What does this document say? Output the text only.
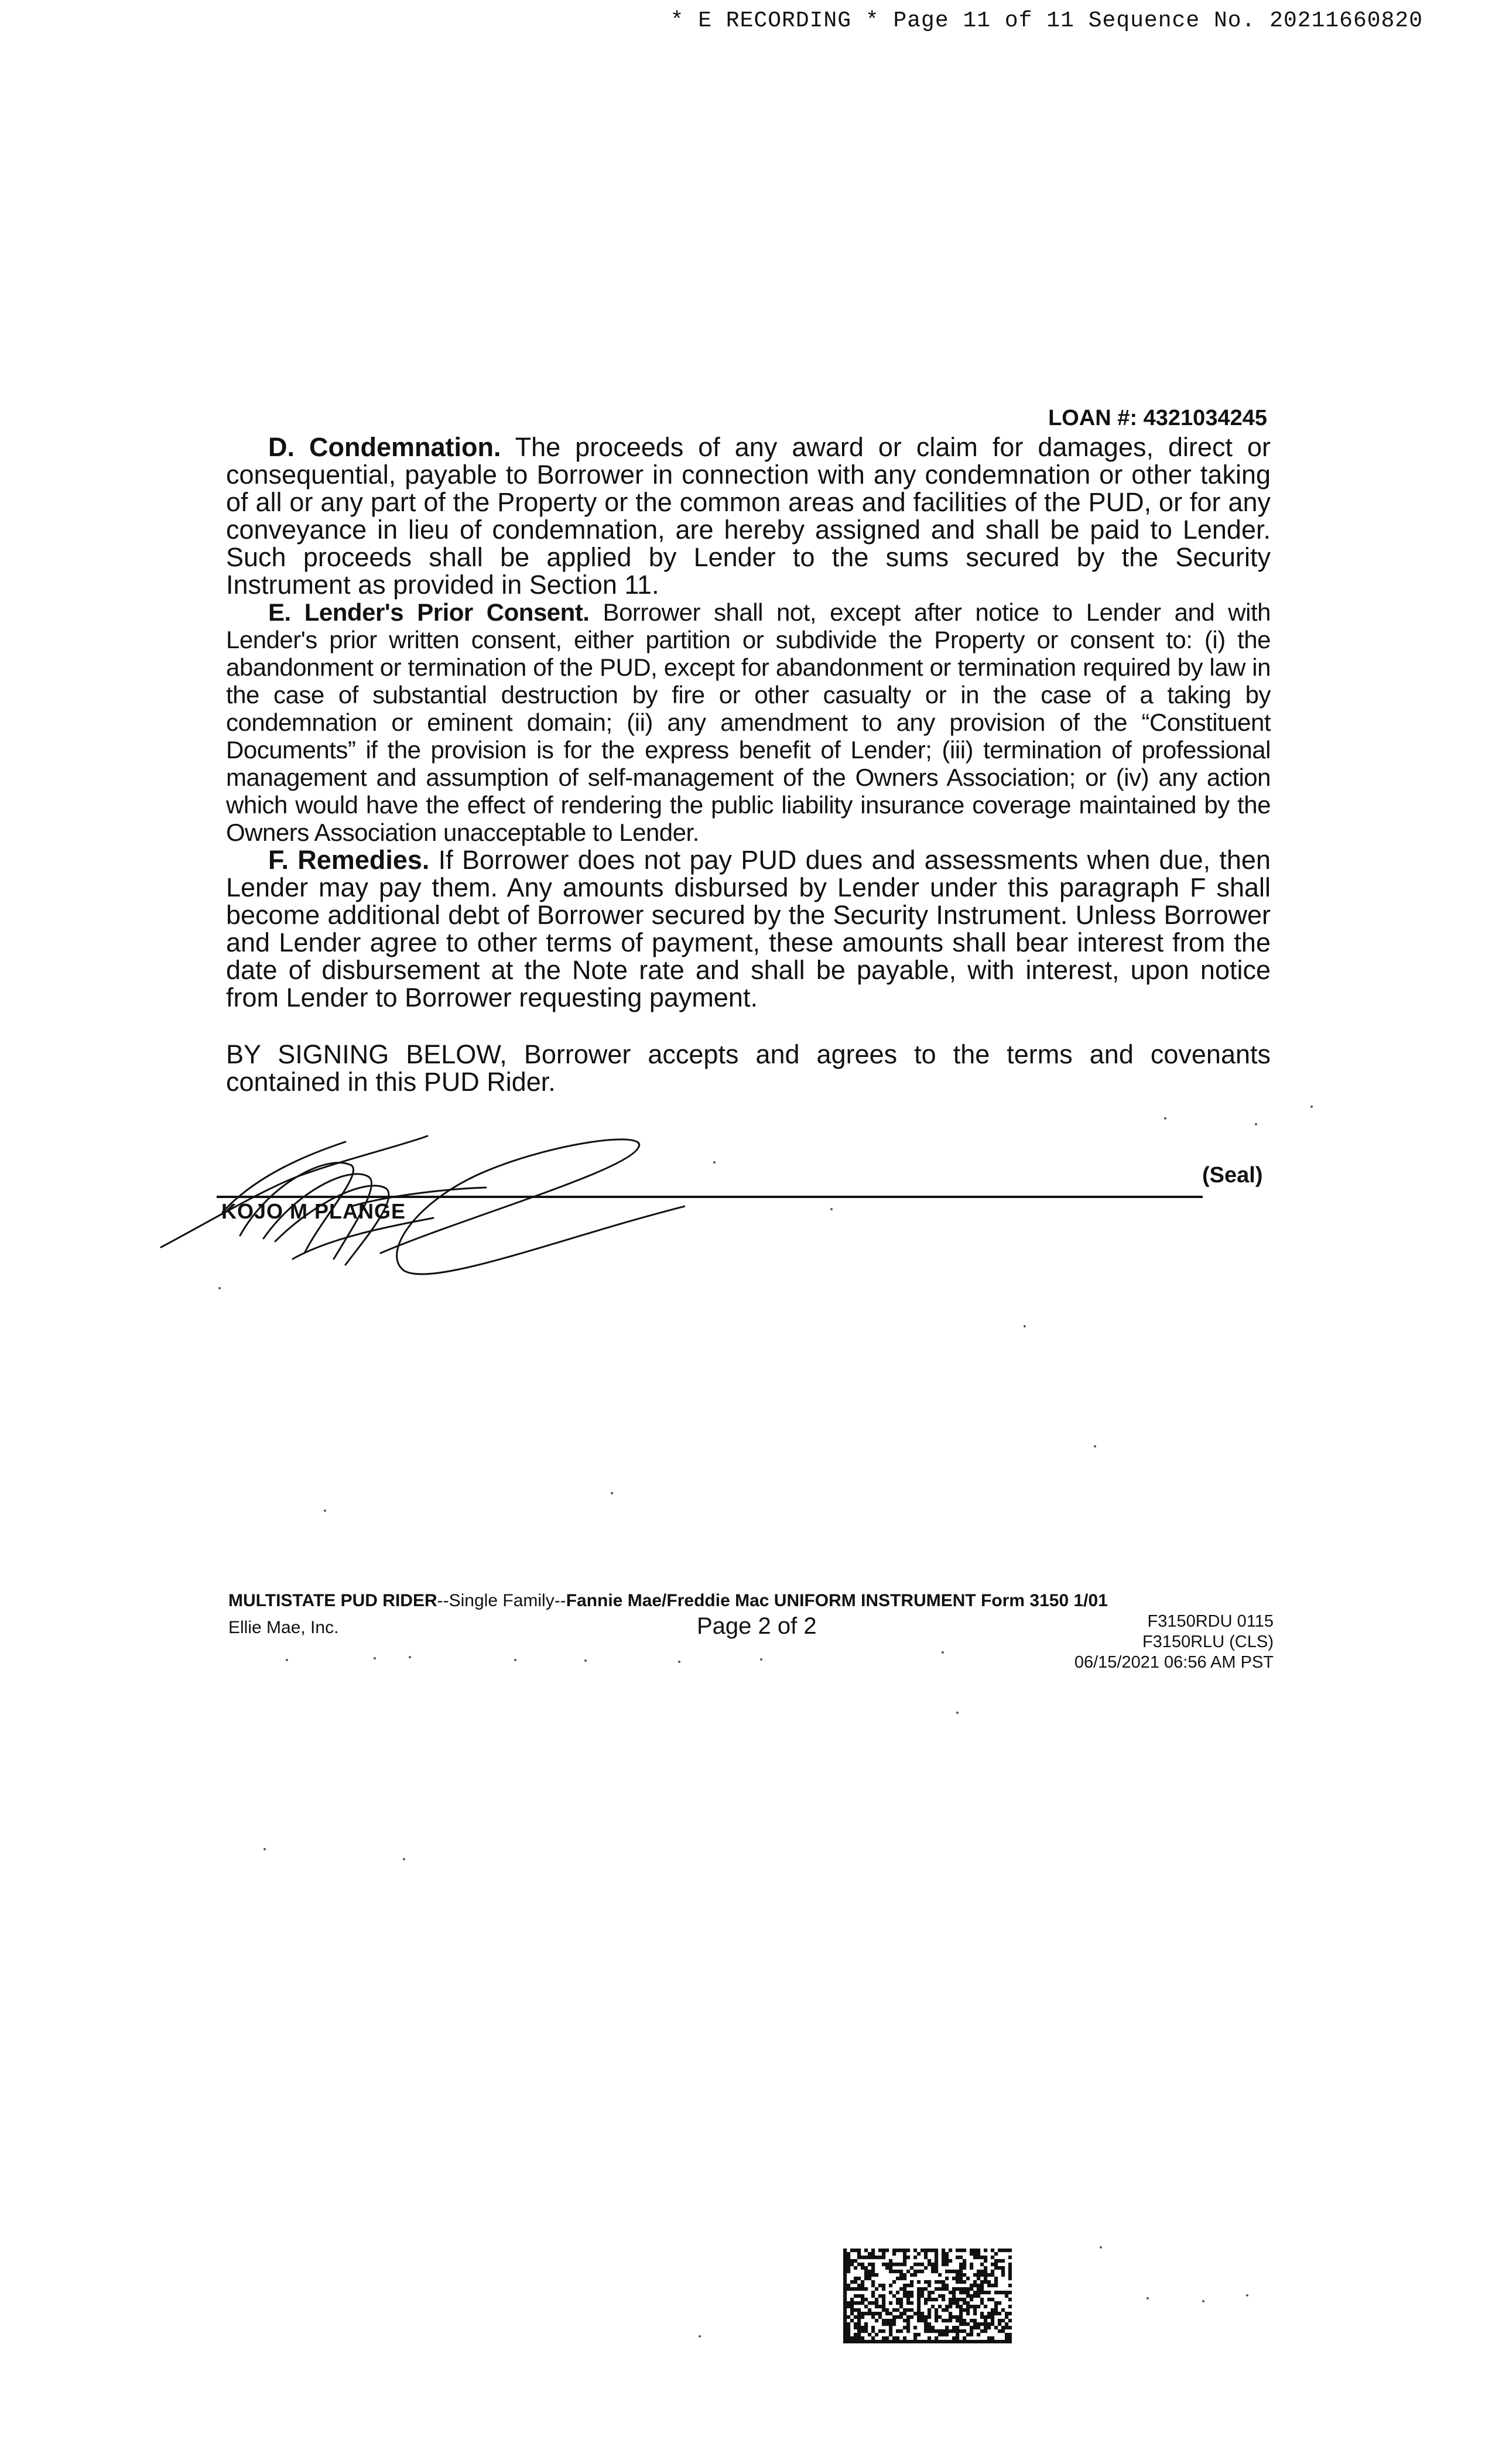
* E RECORDING * Page 11 of 11 Sequence No. 20211660820
LOAN #: 4321034245

D. Condemnation. The proceeds of any award or claim for damages, direct or consequential, payable to Borrower in connection with any condemnation or other taking of all or any part of the Property or the common areas and facilities of the PUD, or for any conveyance in lieu of condemnation, are hereby assigned and shall be paid to Lender. Such proceeds shall be applied by Lender to the sums secured by the Security Instrument as provided in Section 11.

E. Lender's Prior Consent. Borrower shall not, except after notice to Lender and with Lender's prior written consent, either partition or subdivide the Property or consent to: (i) the abandonment or termination of the PUD, except for abandonment or termination required by law in the case of substantial destruction by fire or other casualty or in the case of a taking by condemnation or eminent domain; (ii) any amendment to any provision of the “Constituent Documents” if the provision is for the express benefit of Lender; (iii) termination of professional management and assumption of self-management of the Owners Association; or (iv) any action which would have the effect of rendering the public liability insurance coverage maintained by the Owners Association unacceptable to Lender.

F. Remedies. If Borrower does not pay PUD dues and assessments when due, then Lender may pay them. Any amounts disbursed by Lender under this paragraph F shall become additional debt of Borrower secured by the Security Instrument. Unless Borrower and Lender agree to other terms of payment, these amounts shall bear interest from the date of disbursement at the Note rate and shall be payable, with interest, upon notice from Lender to Borrower requesting payment.

BY SIGNING BELOW, Borrower accepts and agrees to the terms and covenants contained in this PUD Rider.

(Seal)
KOJO M PLANGE
MULTISTATE PUD RIDER--Single Family--Fannie Mae/Freddie Mac UNIFORM INSTRUMENT Form 3150 1/01
Ellie Mae, Inc.	Page 2 of 2	F3150RDU 0115
F3150RLU (CLS)
06/15/2021 06:56 AM PST
